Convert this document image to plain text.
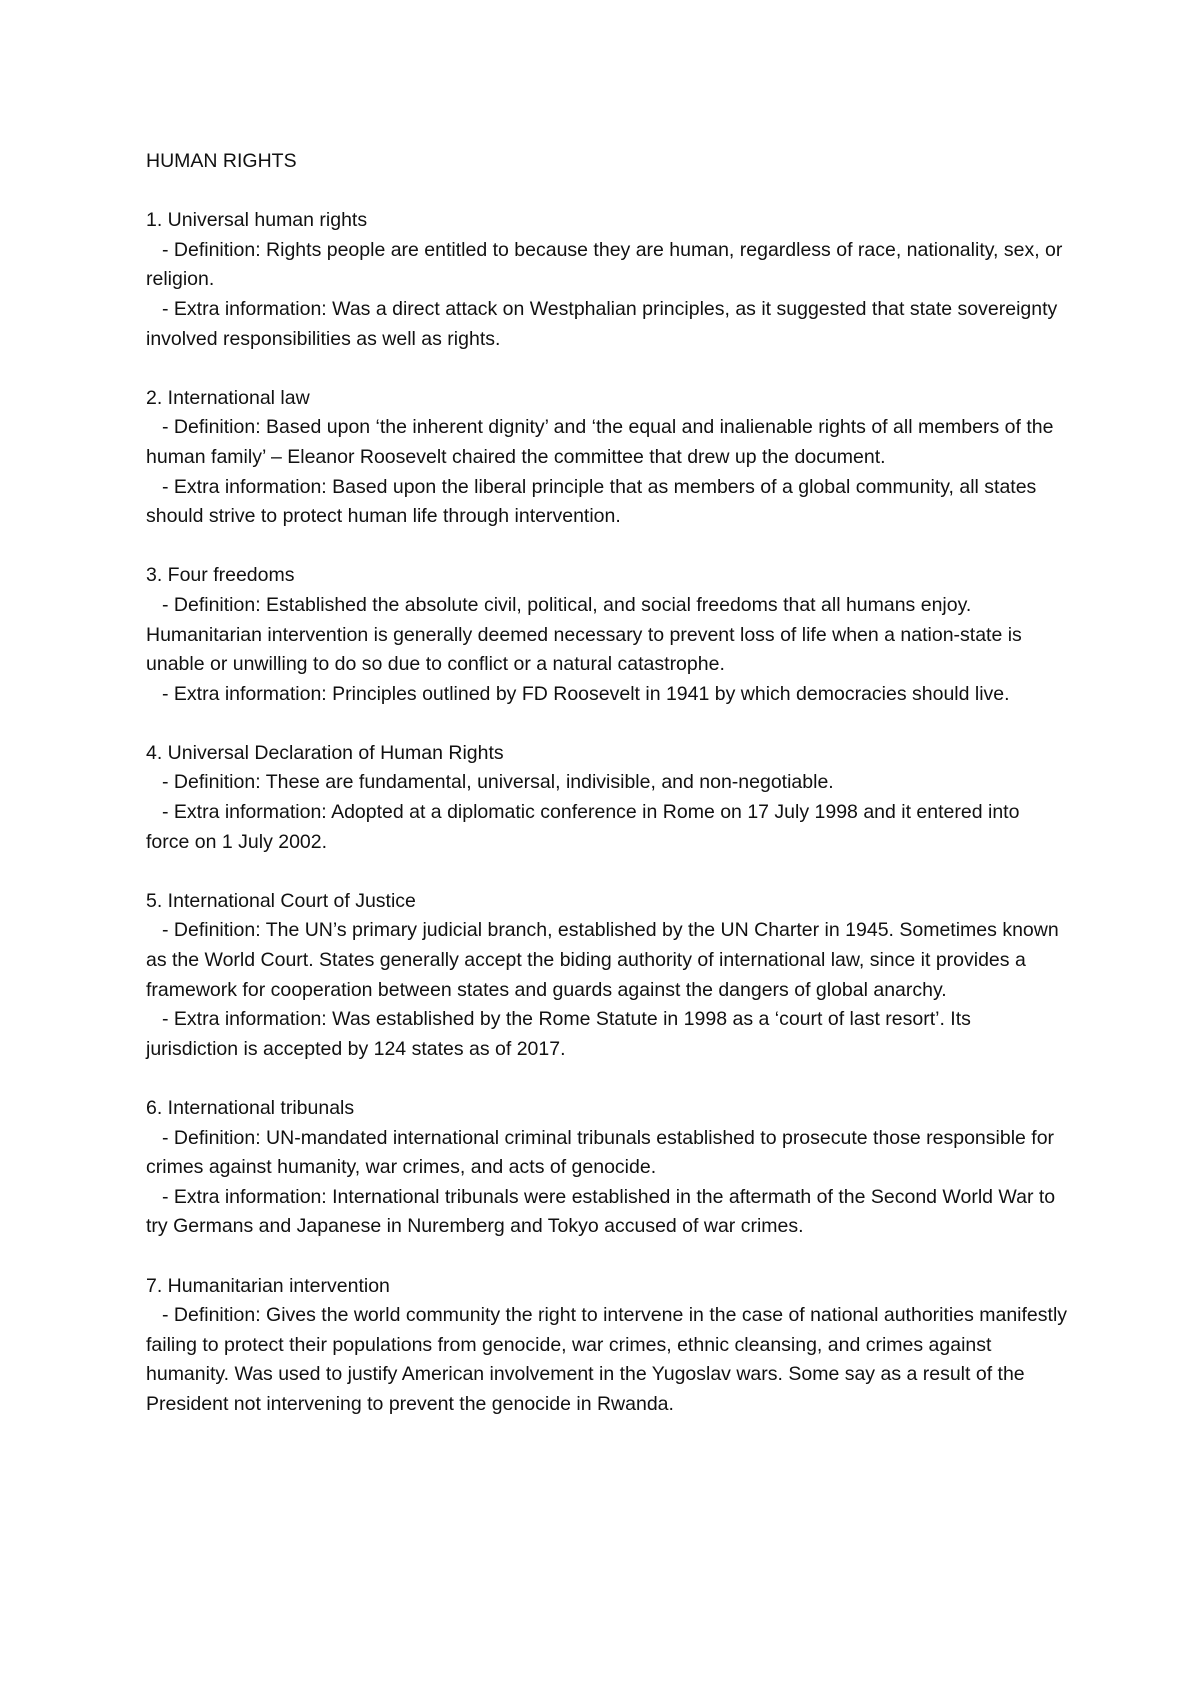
HUMAN RIGHTS

1. Universal human rights

- Definition: Rights people are entitled to because they are human, regardless of race, nationality, sex, or religion.

- Extra information: Was a direct attack on Westphalian principles, as it suggested that state sovereignty involved responsibilities as well as rights.

2. International law

- Definition: Based upon ‘the inherent dignity’ and ‘the equal and inalienable rights of all members of the human family’ – Eleanor Roosevelt chaired the committee that drew up the document.

- Extra information: Based upon the liberal principle that as members of a global community, all states should strive to protect human life through intervention.

3. Four freedoms

- Definition: Established the absolute civil, political, and social freedoms that all humans enjoy. Humanitarian intervention is generally deemed necessary to prevent loss of life when a nation-state is unable or unwilling to do so due to conflict or a natural catastrophe.

- Extra information: Principles outlined by FD Roosevelt in 1941 by which democracies should live.

4. Universal Declaration of Human Rights

- Definition: These are fundamental, universal, indivisible, and non-negotiable.

- Extra information: Adopted at a diplomatic conference in Rome on 17 July 1998 and it entered into force on 1 July 2002.

5. International Court of Justice

- Definition: The UN’s primary judicial branch, established by the UN Charter in 1945. Sometimes known as the World Court. States generally accept the biding authority of international law, since it provides a framework for cooperation between states and guards against the dangers of global anarchy.

- Extra information: Was established by the Rome Statute in 1998 as a ‘court of last resort’. Its jurisdiction is accepted by 124 states as of 2017.

6. International tribunals

- Definition: UN-mandated international criminal tribunals established to prosecute those responsible for crimes against humanity, war crimes, and acts of genocide.

- Extra information: International tribunals were established in the aftermath of the Second World War to try Germans and Japanese in Nuremberg and Tokyo accused of war crimes.

7. Humanitarian intervention

- Definition: Gives the world community the right to intervene in the case of national authorities manifestly failing to protect their populations from genocide, war crimes, ethnic cleansing, and crimes against humanity. Was used to justify American involvement in the Yugoslav wars. Some say as a result of the President not intervening to prevent the genocide in Rwanda.
